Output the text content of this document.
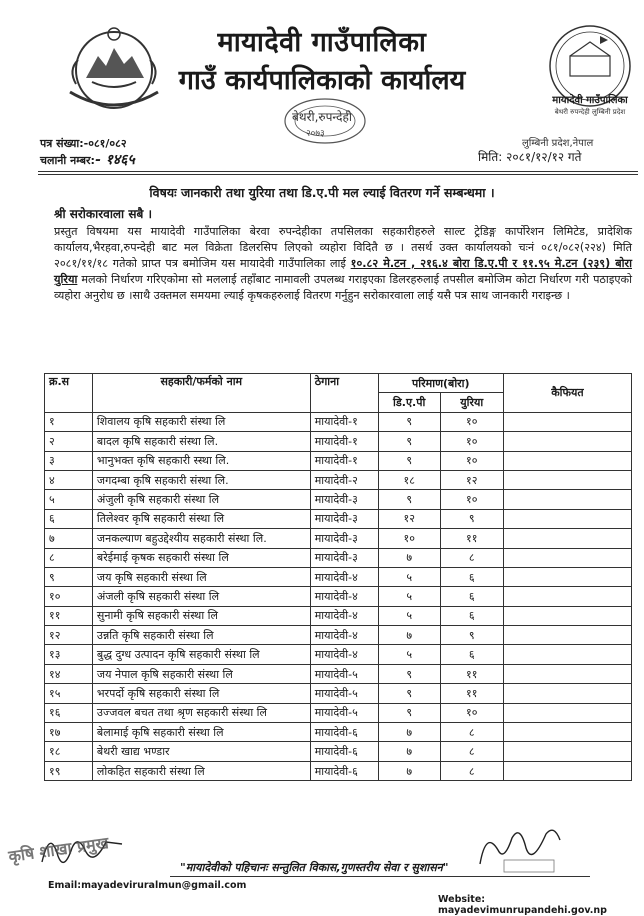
मायादेवी गाउँपालिका
गाउँ कार्यपालिकाको कार्यालय
बेथरी,रुपन्देही
२०७३
मायादेवी गाउँपालिका
बेथरी रुपन्देही लुम्बिनी प्रदेश
लुम्बिनी प्रदेश,नेपाल
पत्र संख्या:-०८१/०८२
चलानी नम्बर:- १४६५	मिति: २०८१/१२/१२ गते
विषयः जानकारी तथा युरिया तथा डि.ए.पी मल ल्याई वितरण गर्ने सम्बन्धमा ।
श्री सरोकारवाला सबै ।
प्रस्तुत विषयमा यस मायादेवी गाउँपालिका बेरवा रुपन्देहीका तपसिलका सहकारीहरुले साल्ट ट्रेडिङ्ग कार्पोरेशन लिमिटेड, प्रादेशिक कार्यालय,भैरहवा,रुपन्देही बाट मल विक्रेता डिलरसिप लिएको व्यहोरा विदितै छ । तसर्थ उक्त कार्यालयको चःनं ०८१/०८२(२२४) मिति २०८१/११/१८ गतेको प्राप्त पत्र बमोजिम यस मायादेवी गाउँपालिका लाई १०.८२ मे.टन , २१६.४ बोरा डि.ए.पी र ११.९५ मे.टन (२३९) बोरा युरिया मलको निर्धारण गरिएकोमा सो मललाई तहाँबाट नामावली उपलब्ध गराइएका डिलरहरुलाई तपसील बमोजिम कोटा निर्धारण गरी पठाइएको व्यहोरा अनुरोध छ ।साथै उक्तमल समयमा ल्याई कृषकहरुलाई वितरण गर्नुहुन सरोकारवाला लाई यसै पत्र साथ जानकारी गराइन्छ ।
क्र.स	सहकारी/फर्मको नाम	ठेगाना	परिमाण(बोरा)		कैफियत
			डि.ए.पी	युरिया	
१	शिवालय कृषि सहकारी संस्था लि	मायादेवी-१	९	१०	
२	बादल कृषि सहकारी संस्था लि.	मायादेवी-१	९	१०	
३	भानुभक्त कृषि सहकारी स्स्था लि.	मायादेवी-१	९	१०	
४	जगदम्बा कृषि सहकारी संस्था लि.	मायादेवी-२	१८	१२	
५	अंजुली कृषि सहकारी संस्था लि	मायादेवी-३	९	१०	
६	तिलेश्वर कृषि सहकारी संस्था लि	मायादेवी-३	१२	९	
७	जनकल्याण बहुउद्देश्यीय सहकारी संस्था लि.	मायादेवी-३	१०	११	
८	बरेईमाई कृषक सहकारी संस्था लि	मायादेवी-३	७	८	
९	जय कृषि सहकारी संस्था लि	मायादेवी-४	५	६	
१०	अंजली कृषि सहकारी संस्था लि	मायादेवी-४	५	६	
११	सुनामी कृषि सहकारी संस्था लि	मायादेवी-४	५	६	
१२	उन्नति कृषि सहकारी संस्था लि	मायादेवी-४	७	९	
१३	बुद्ध दुग्ध उत्पादन कृषि सहकारी संस्था लि	मायादेवी-४	५	६	
१४	जय नेपाल कृषि सहकारी संस्था लि	मायादेवी-५	९	११	
१५	भरपर्दो कृषि सहकारी संस्था लि	मायादेवी-५	९	११	
१६	उज्जवल बचत तथा श्रृण सहकारी संस्था लि	मायादेवी-५	९	१०	
१७	बेलामाई कृषि सहकारी संस्था लि	मायादेवी-६	७	८	
१८	बेथरी खाद्य भण्डार	मायादेवी-६	७	८	
१९	लोकहित सहकारी संस्था लि	मायादेवी-६	७	८	
कृषि शाखा प्रमुख
"मायादेवीको पहिचानः सन्तुलित विकास,गुणस्तरीय सेवा र सुशासन"
Email:mayadeviruralmun@gmail.com
Website: mayadevimunrupandehi.gov.np
